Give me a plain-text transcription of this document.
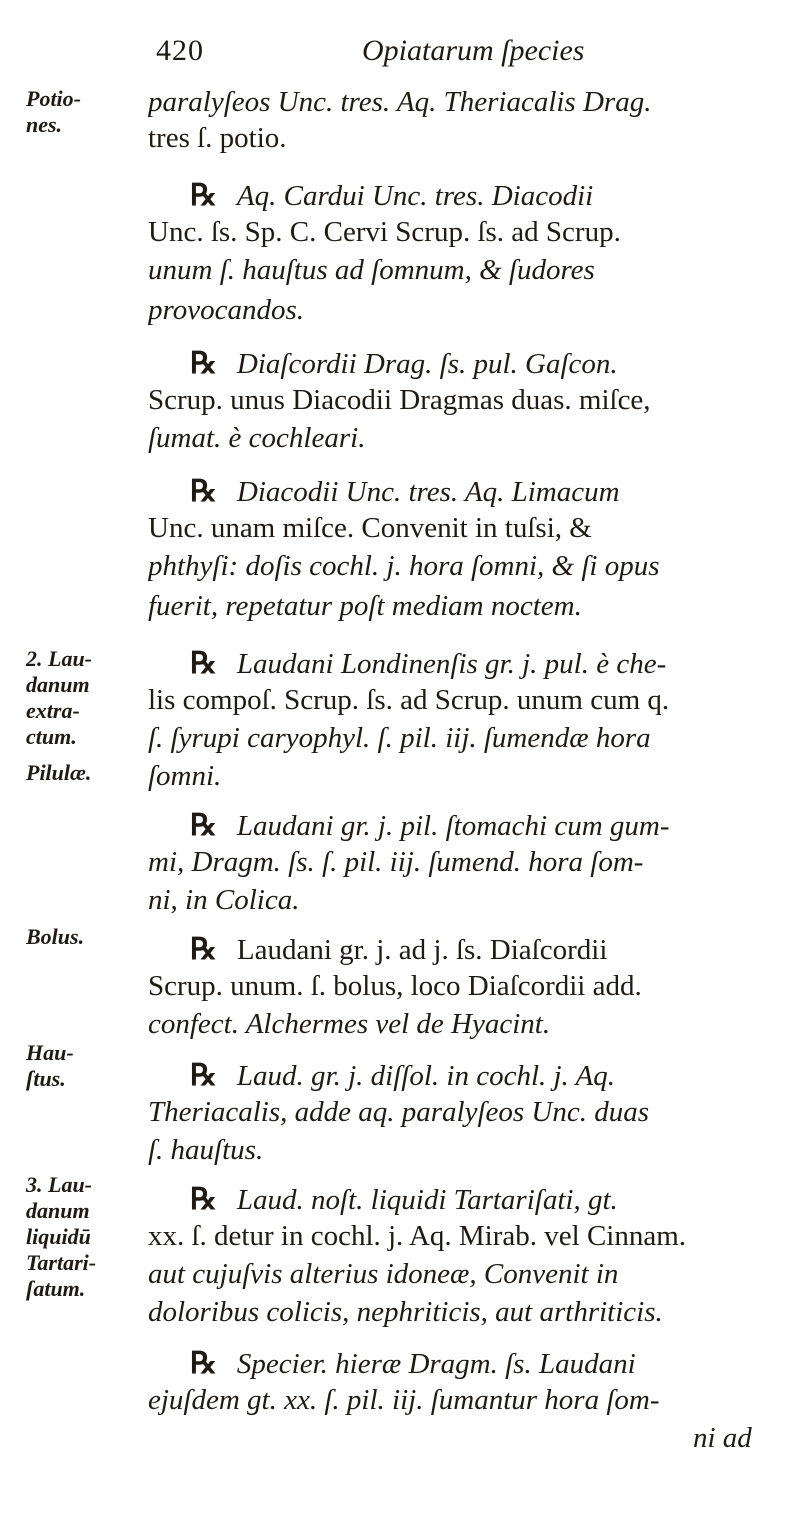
420	Opiatarum ſpecies
Potio-
nes.
2. Lau-
danum
extra-
ctum.
Pilulæ.
Bolus.
Hau-
ſtus.
3. Lau-
danum
liquidū
Tartari-
ſatum.
paralyſeos Unc. tres. Aq. Theriacalis Drag.
tres ſ. potio.
℞ Aq. Cardui Unc. tres. Diacodii
Unc. ſs. Sp. C. Cervi Scrup. ſs. ad Scrup.
unum ſ. hauſtus ad ſomnum, & ſudores
provocandos.
℞ Diaſcordii Drag. ſs. pul. Gaſcon.
Scrup. unus Diacodii Dragmas duas. miſce,
ſumat. è cochleari.
℞ Diacodii Unc. tres. Aq. Limacum
Unc. unam miſce. Convenit in tuſsi, &
phthyſi: doſis cochl. j. hora ſomni, & ſi opus
fuerit, repetatur poſt mediam noctem.
℞ Laudani Londinenſis gr. j. pul. è che-
lis compoſ. Scrup. ſs. ad Scrup. unum cum q.
ſ. ſyrupi caryophyl. ſ. pil. iij. ſumendæ hora
ſomni.
℞ Laudani gr. j. pil. ſtomachi cum gum-
mi, Dragm. ſs. ſ. pil. iij. ſumend. hora ſom-
ni, in Colica.
℞ Laudani gr. j. ad j. ſs. Diaſcordii
Scrup. unum. ſ. bolus, loco Diaſcordii add.
confect. Alchermes vel de Hyacint.
℞ Laud. gr. j. diſſol. in cochl. j. Aq.
Theriacalis, adde aq. paralyſeos Unc. duas
ſ. hauſtus.
℞ Laud. noſt. liquidi Tartariſati, gt.
xx. ſ. detur in cochl. j. Aq. Mirab. vel Cinnam.
aut cujuſvis alterius idoneæ, Convenit in
doloribus colicis, nephriticis, aut arthriticis.
℞ Specier. hieræ Dragm. ſs. Laudani
ejuſdem gt. xx. ſ. pil. iij. ſumantur hora ſom-
ni ad
